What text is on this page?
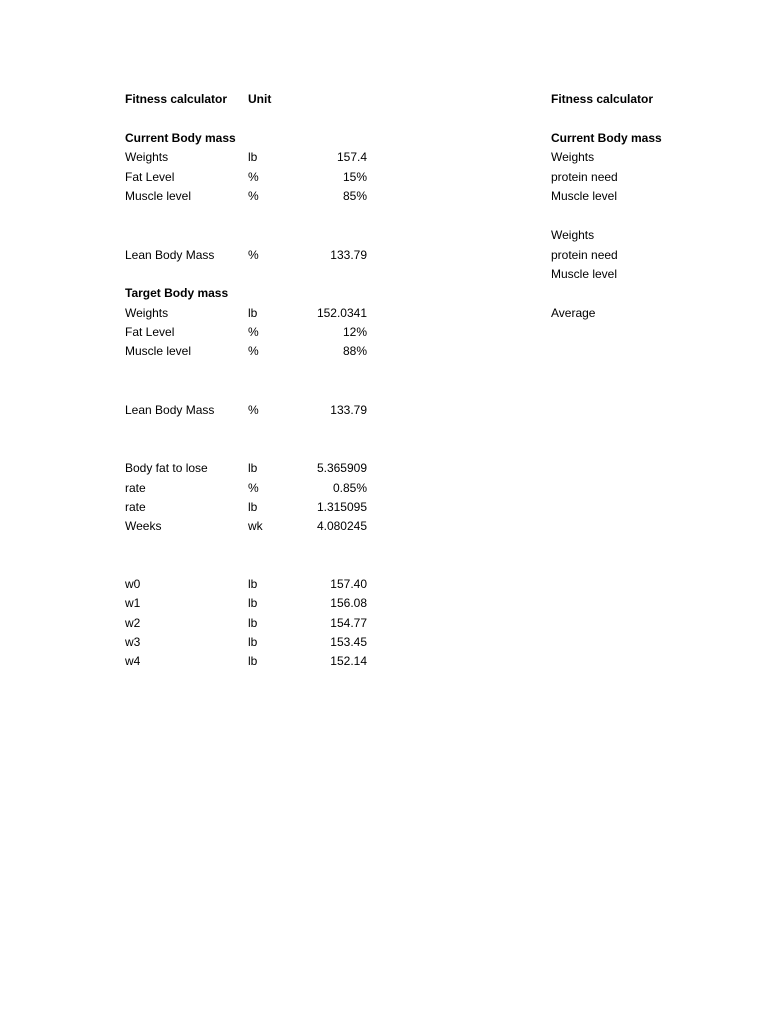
Fitness calculator Unit
Current Body mass
Weights	lb	157.4
Fat Level	%	15%
Muscle level	%	85%
Lean Body Mass	%	133.79
Target Body mass
Weights	lb	152.0341
Fat Level	%	12%
Muscle level	%	88%
Lean Body Mass	%	133.79
Body fat to lose	lb	5.365909
rate	%	0.85%
rate	lb	1.315095
Weeks	wk	4.080245
w0	lb	157.40
w1	lb	156.08
w2	lb	154.77
w3	lb	153.45
w4	lb	152.14
Fitness calculator
Current Body mass
Weights
protein need
Muscle level
Weights
protein need
Muscle level
Average
